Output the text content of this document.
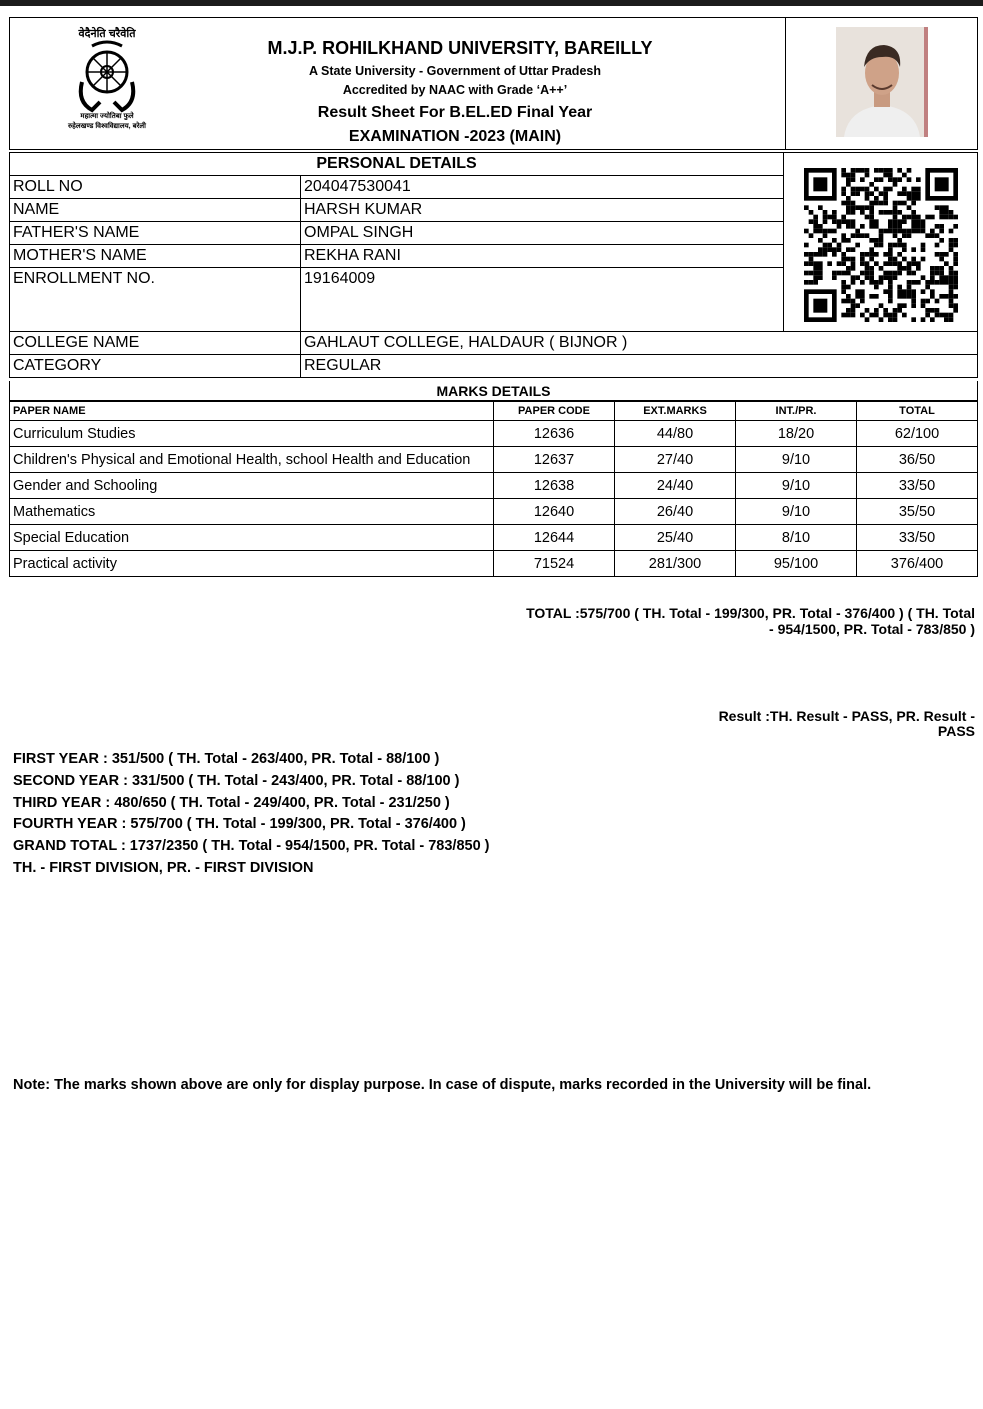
वेदैनेति चरैवेति
महात्मा ज्योतिबा फुले
रुहेलखण्ड विश्वविद्यालय, बरेली
M.J.P. ROHILKHAND UNIVERSITY, BAREILLY
A State University - Government of Uttar Pradesh
Accredited by NAAC with Grade ‘A++’
Result Sheet For B.EL.ED Final Year
EXAMINATION -2023 (MAIN)
PERSONAL DETAILS	

ROLL NO	204047530041	
NAME	HARSH KUMAR	
FATHER'S NAME	OMPAL SINGH	
MOTHER'S NAME	REKHA RANI	
ENROLLMENT NO.	19164009	
COLLEGE NAME	GAHLAUT COLLEGE, HALDAUR ( BIJNOR )	
CATEGORY	REGULAR	
MARKS DETAILS
PAPER NAME	PAPER CODE	EXT.MARKS	INT./PR.	TOTAL
Curriculum Studies	12636	44/80	18/20	62/100
Children's Physical and Emotional Health, school Health and Education	12637	27/40	9/10	36/50
Gender and Schooling	12638	24/40	9/10	33/50
Mathematics	12640	26/40	9/10	35/50
Special Education	12644	25/40	8/10	33/50
Practical activity	71524	281/300	95/100	376/400
TOTAL :575/700 ( TH. Total - 199/300, PR. Total - 376/400 ) ( TH. Total
- 954/1500, PR. Total - 783/850 )
Result :TH. Result - PASS, PR. Result -
PASS
FIRST YEAR : 351/500 ( TH. Total - 263/400, PR. Total - 88/100 )
SECOND YEAR : 331/500 ( TH. Total - 243/400, PR. Total - 88/100 )
THIRD YEAR : 480/650 ( TH. Total - 249/400, PR. Total - 231/250 )
FOURTH YEAR : 575/700 ( TH. Total - 199/300, PR. Total - 376/400 )
GRAND TOTAL : 1737/2350 ( TH. Total - 954/1500, PR. Total - 783/850 )
TH. - FIRST DIVISION, PR. - FIRST DIVISION
Note: The marks shown above are only for display purpose. In case of dispute, marks recorded in the University will be final.
